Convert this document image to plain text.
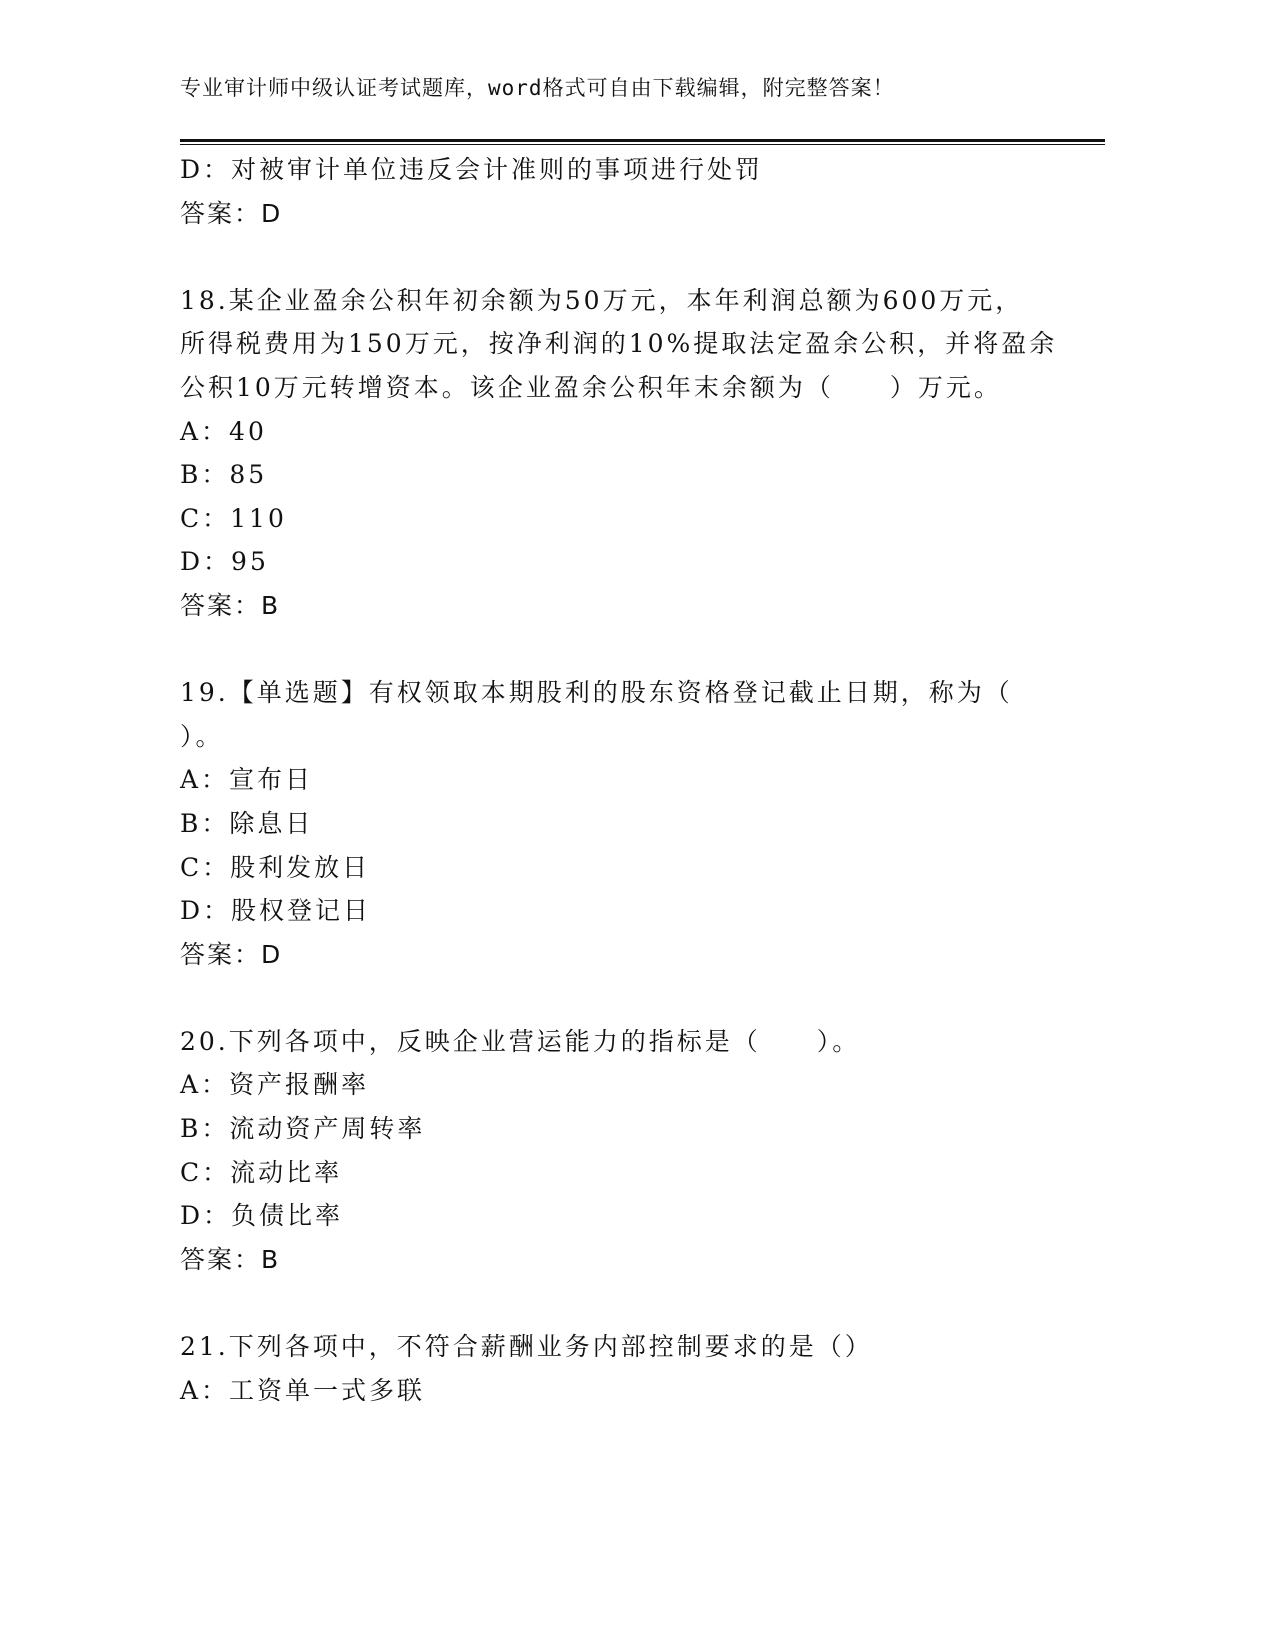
专业审计师中级认证考试题库，word格式可自由下载编辑，附完整答案！
D：对被审计单位违反会计准则的事项进行处罚
答案：D
18.某企业盈余公积年初余额为50万元，本年利润总额为600万元，
所得税费用为150万元，按净利润的10%提取法定盈余公积，并将盈余
公积10万元转增资本。该企业盈余公积年末余额为（　　）万元。
A：40
B：85
C：110
D：95
答案：B
19.【单选题】有权领取本期股利的股东资格登记截止日期，称为（
）。
A：宣布日
B：除息日
C：股利发放日
D：股权登记日
答案：D
20.下列各项中，反映企业营运能力的指标是（　　）。
A：资产报酬率
B：流动资产周转率
C：流动比率
D：负债比率
答案：B
21.下列各项中，不符合薪酬业务内部控制要求的是（）
A：工资单一式多联
